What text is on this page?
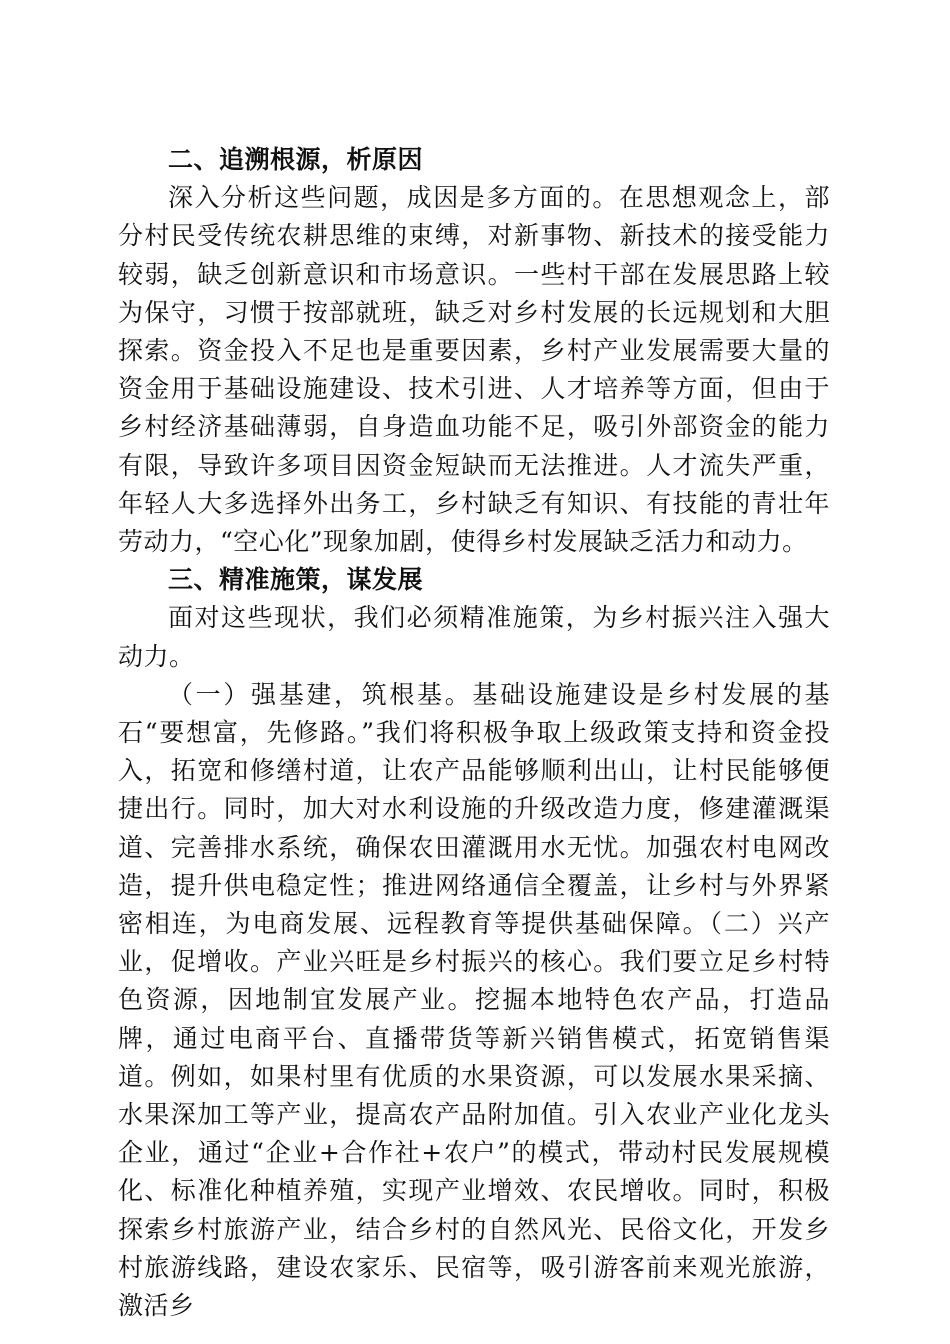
二、追溯根源，析原因

深入分析这些问题，成因是多方面的。在思想观念上，部分村民受传统农耕思维的束缚，对新事物、新技术的接受能力较弱，缺乏创新意识和市场意识。一些村干部在发展思路上较为保守，习惯于按部就班，缺乏对乡村发展的长远规划和大胆探索。资金投入不足也是重要因素，乡村产业发展需要大量的资金用于基础设施建设、技术引进、人才培养等方面，但由于乡村经济基础薄弱，自身造血功能不足，吸引外部资金的能力有限，导致许多项目因资金短缺而无法推进。人才流失严重，年轻人大多选择外出务工，乡村缺乏有知识、有技能的青壮年劳动力，“空心化”现象加剧，使得乡村发展缺乏活力和动力。

三、精准施策，谋发展

面对这些现状，我们必须精准施策，为乡村振兴注入强大动力。

（一）强基建，筑根基。基础设施建设是乡村发展的基石“要想富，先修路。”我们将积极争取上级政策支持和资金投入，拓宽和修缮村道，让农产品能够顺利出山，让村民能够便捷出行。同时，加大对水利设施的升级改造力度，修建灌溉渠道、完善排水系统，确保农田灌溉用水无忧。加强农村电网改造，提升供电稳定性；推进网络通信全覆盖，让乡村与外界紧密相连，为电商发展、远程教育等提供基础保障。（二）兴产业，促增收。产业兴旺是乡村振兴的核心。我们要立足乡村特色资源，因地制宜发展产业。挖掘本地特色农产品，打造品牌，通过电商平台、直播带货等新兴销售模式，拓宽销售渠道。例如，如果村里有优质的水果资源，可以发展水果采摘、水果深加工等产业，提高农产品附加值。引入农业产业化龙头企业，通过“企业+合作社+农户”的模式，带动村民发展规模化、标准化种植养殖，实现产业增效、农民增收。同时，积极探索乡村旅游产业，结合乡村的自然风光、民俗文化，开发乡村旅游线路，建设农家乐、民宿等，吸引游客前来观光旅游，激活乡
